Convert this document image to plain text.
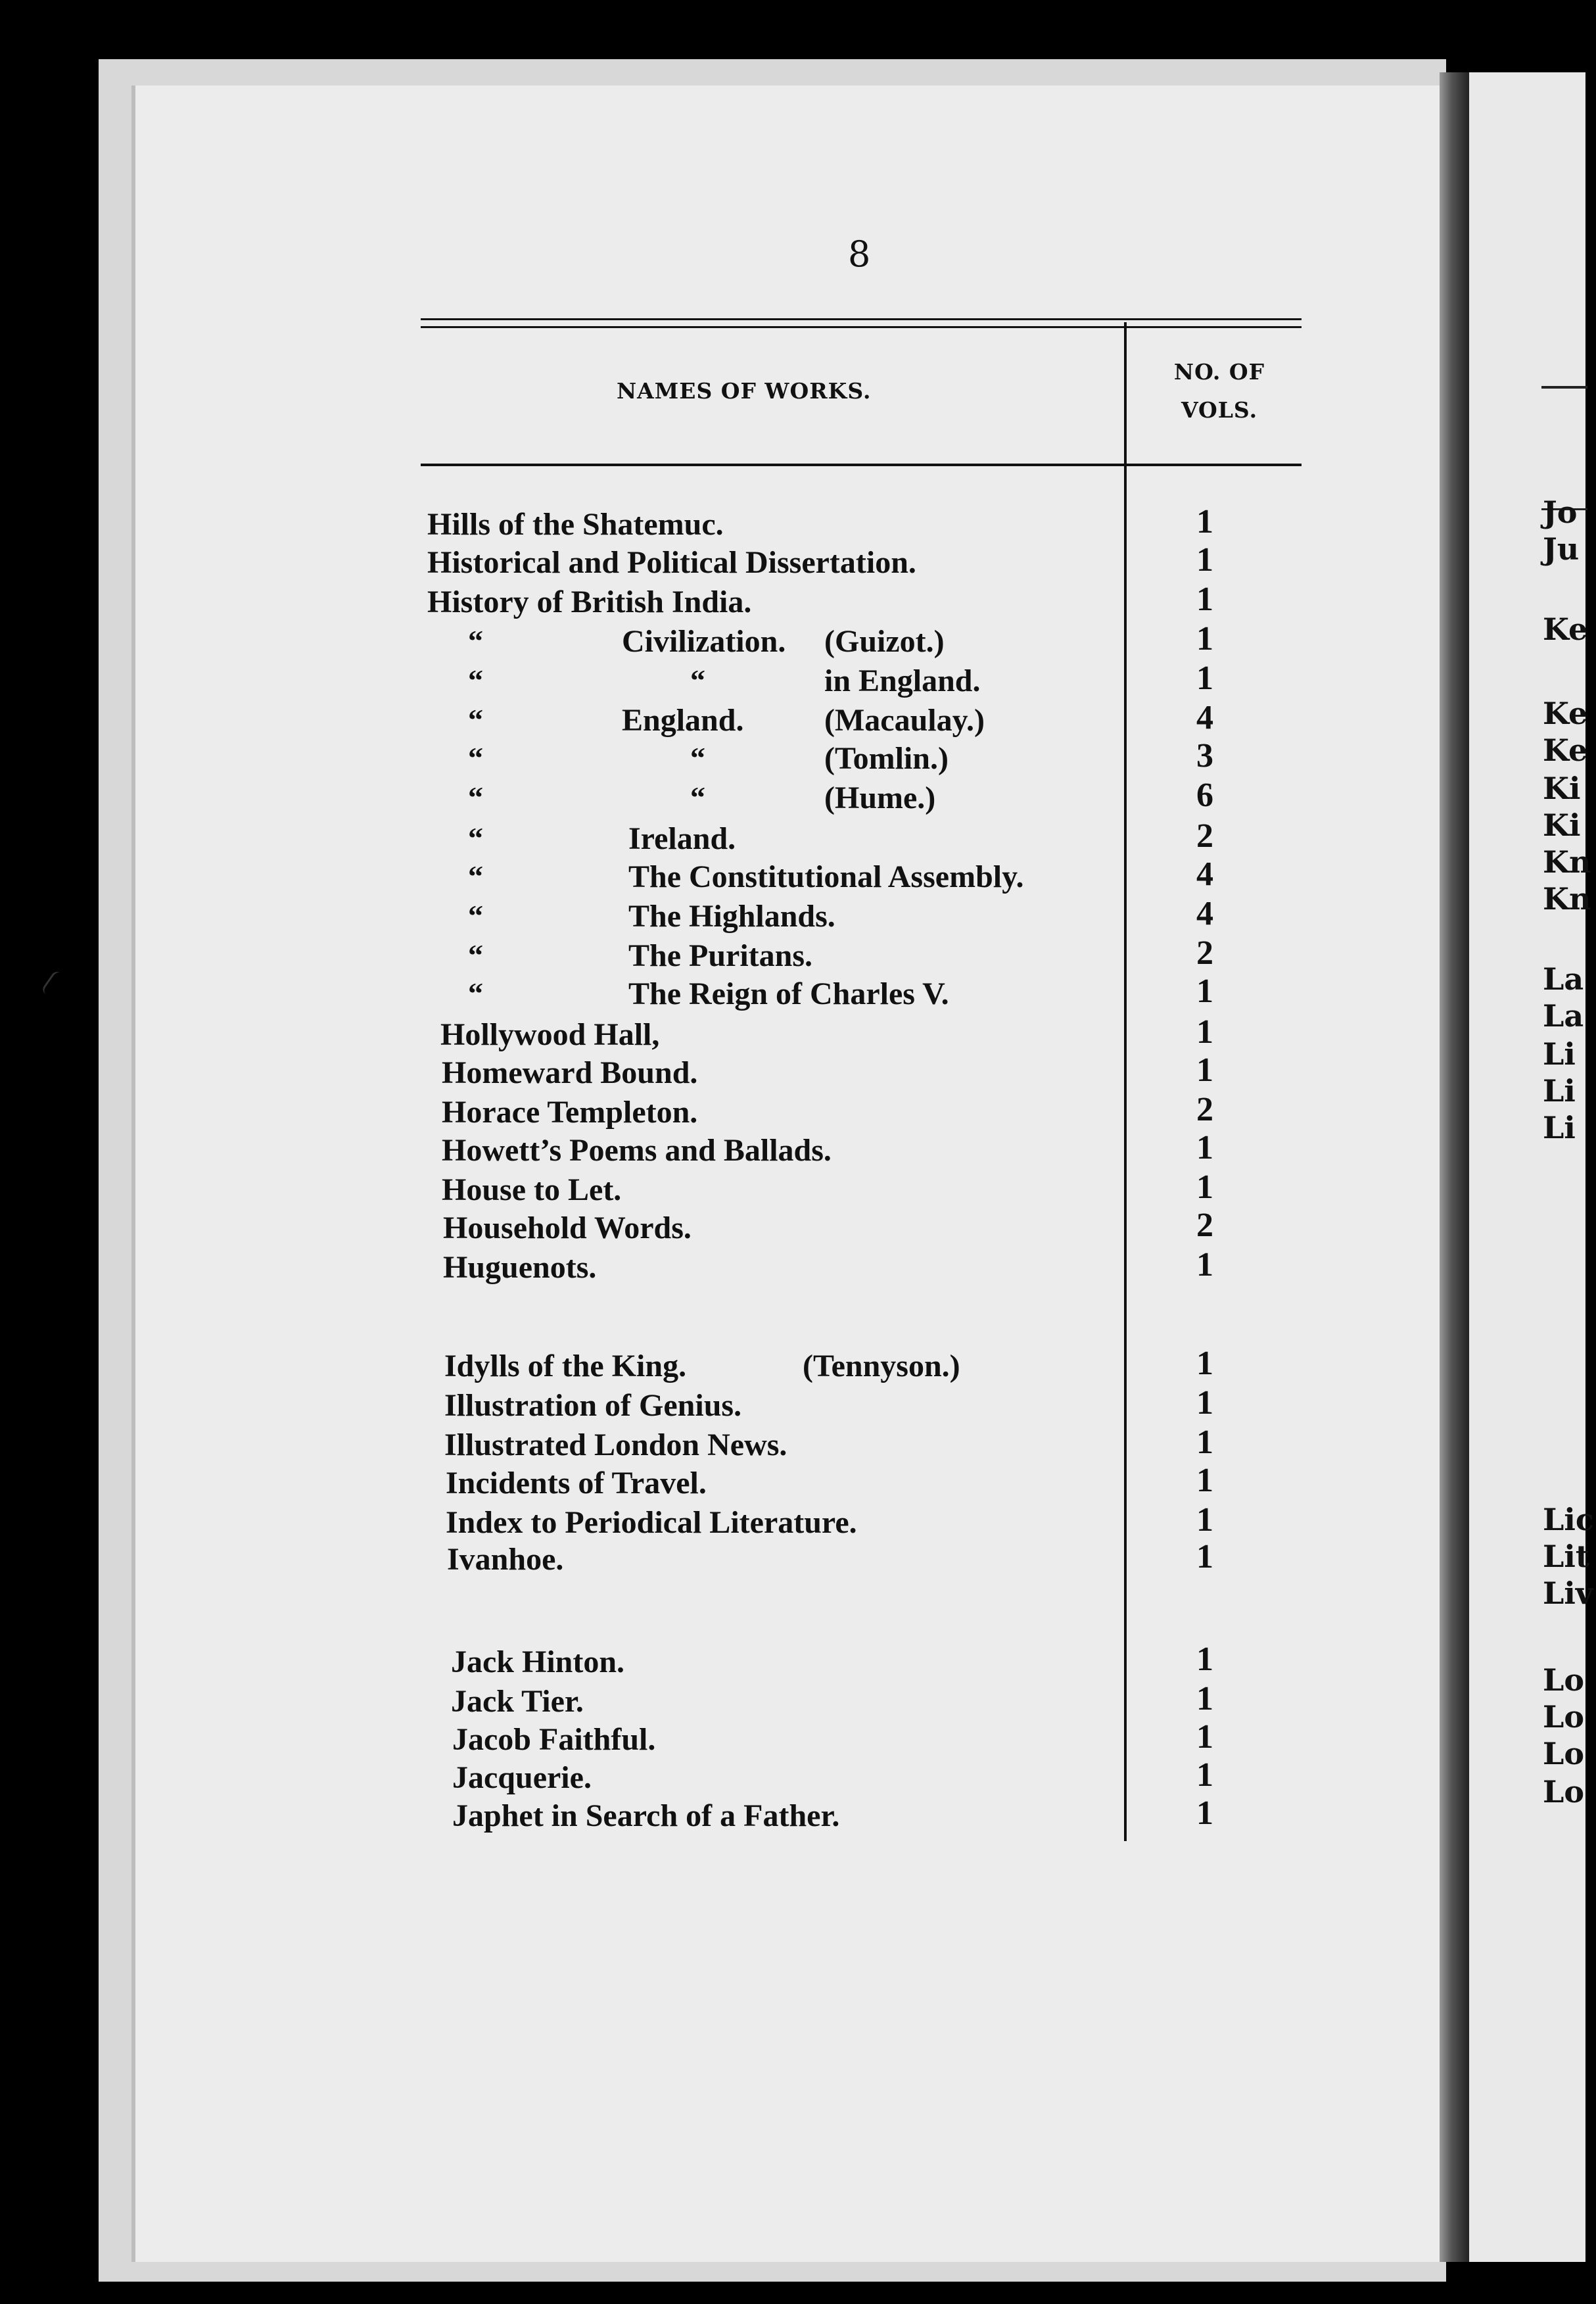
Jo
Ju
Ke
Ke
Ke
Ki
Ki
Kn
Kn
La
La
Li
Li
Li
Lic
Lit
Liv
Lo
Lo
Lo
Lo
8
NAMES OF WORKS.
NO. OF
VOLS.
Hills of the Shatemuc.	1
Historical and Political Dissertation.	1
History of British India.	1
“	Civilization. (Guizot.)	1
“	“	in England.	1
“	England.	(Macaulay.)	4
“	“	(Tomlin.)	3
“	“	(Hume.)	6
“	Ireland.	2
“	The Constitutional Assembly.	4
“	The Highlands.	4
“	The Puritans.	2
“	The Reign of Charles V.	1
Hollywood Hall,	1
Homeward Bound.	1
Horace Templeton.	2
Howett’s Poems and Ballads.	1
House to Let.	1
Household Words.	2
Huguenots.	1
Idylls of the King.	(Tennyson.)	1
Illustration of Genius.	1
Illustrated London News.	1
Incidents of Travel.	1
Index to Periodical Literature.	1
Ivanhoe.	1
Jack Hinton.	1
Jack Tier.	1
Jacob Faithful.	1
Jacquerie.	1
Japhet in Search of a Father.	1
